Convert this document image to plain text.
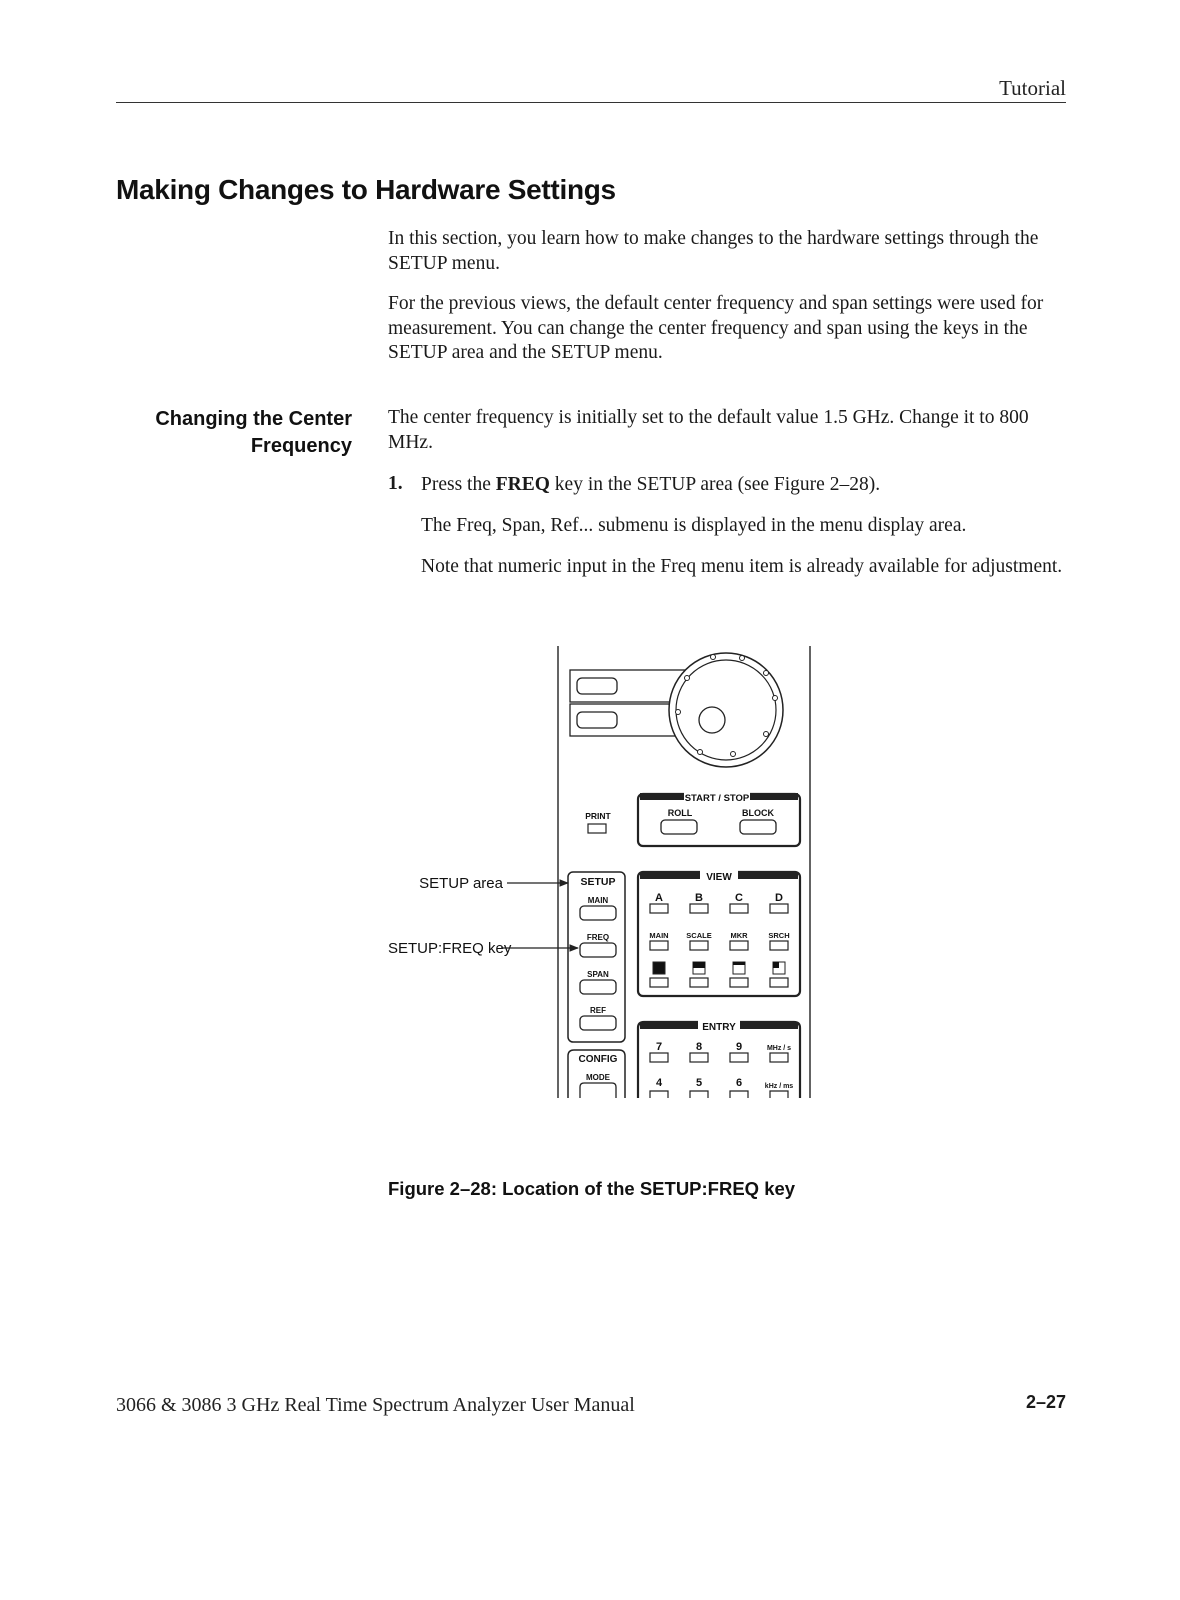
Tutorial
Making Changes to Hardware Settings

In this section, you learn how to make changes to the hardware settings through the SETUP menu.

For the previous views, the default center frequency and span settings were used for measurement. You can change the center frequency and span using the keys in the SETUP area and the SETUP menu.

Changing the Center
Frequency

The center frequency is initially set to the default value 1.5 GHz. Change it to 800 MHz.

1. Press the FREQ key in the SETUP area (see Figure 2–28).

The Freq, Span, Ref... submenu is displayed in the menu display area.

Note that numeric input in the Freq menu item is already available for adjustment.

START / STOP
ROLL	BLOCK
PRINT
SETUP
MAIN
FREQ
SPAN
REF
CONFIG
MODE
VIEW
A	B	C	D
MAIN SCALE MKR	SRCH
ENTRY
7	8	9	MHz / s
4	5	6	kHz / ms
SETUP area
SETUP:FREQ key
Figure 2–28: Location of the SETUP:FREQ key
3066 & 3086 3 GHz Real Time Spectrum Analyzer User Manual	2–27
